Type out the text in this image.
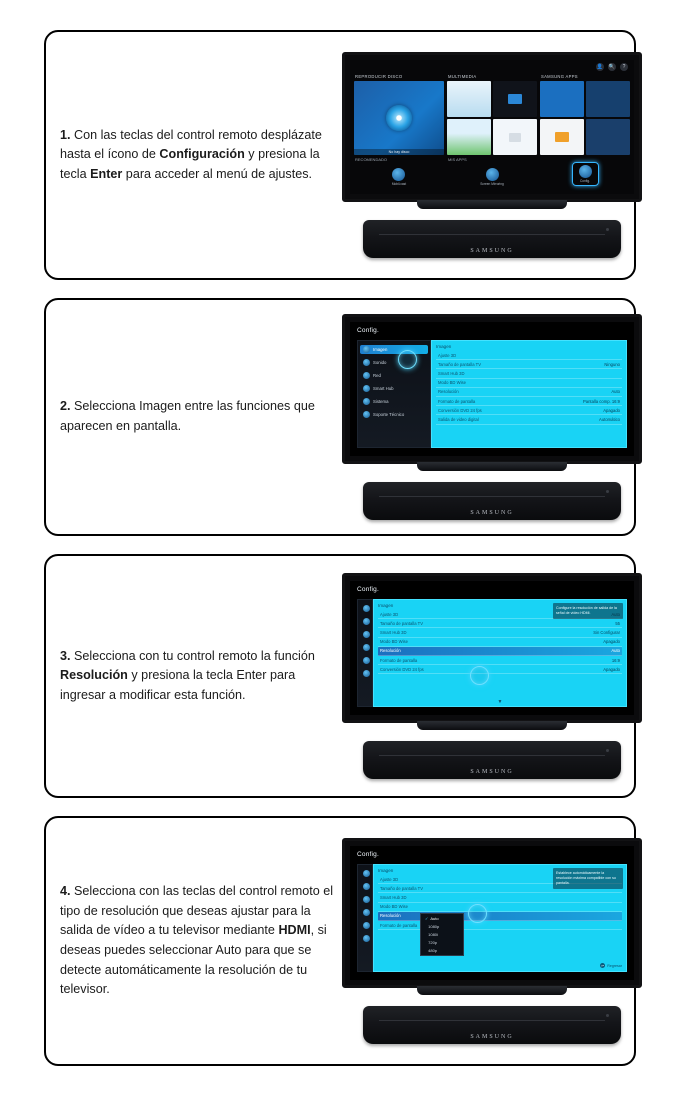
1. Con las teclas del control remoto desplázate hasta el ícono de Configuración y presiona la tecla Enter para acceder al menú de ajustes.
👤 🔍	?
REPRODUCIR DISCO
No hay disco
MULTIMEDIA	SAMSUNG APPS
RECOMENDADO
Mobil.cast
MIS APPS
Screen Mirroring
Config.
SAMSUNG
2. Selecciona Imagen entre las funciones que aparecen en pantalla.
Config.
Imagen
Sonido
Red
Smart Hub
Sistema
Soporte Técnico
Imagen
Ajuste 3D
Tamaño de pantalla TV	Ninguno
Smart Hub 3D
Modo BD Wise
Resolución	Auto
Formato de pantalla	Pantalla comp. 16:9
Conversión DVD 24 fps	Apagado
Salida de video digital	Automático
SAMSUNG
3. Selecciona con tu control remoto la función Resolución y presiona la tecla Enter para ingresar a modificar esta función.
Config.
Imagen
Ajuste 3D
Tamaño de pantalla TV	55
Smart Hub 3D	Sin Configurar
Modo BD Wise	Apagado
Resolución	Auto
Formato de pantalla	16:9
Conversión DVD 24 fps	Apagado
Configure la resolución de salida de la señal de vídeo HDMI.
▼
SAMSUNG
4. Selecciona con las teclas del control remoto el tipo de resolución que deseas ajustar para la salida de vídeo a tu televisor mediante HDMI, si deseas puedes seleccionar Auto para que se detecte automáticamente la resolución de tu televisor.
Config.
Imagen
Ajuste 3D
Tamaño de pantalla TV
Smart Hub 3D
Modo BD Wise
Resolución
Formato de pantalla
Establece automáticamente la resolución máxima compatible con su pantalla.
✓ Auto

1080p

1080i

720p

480p
↩ Regresar
SAMSUNG
